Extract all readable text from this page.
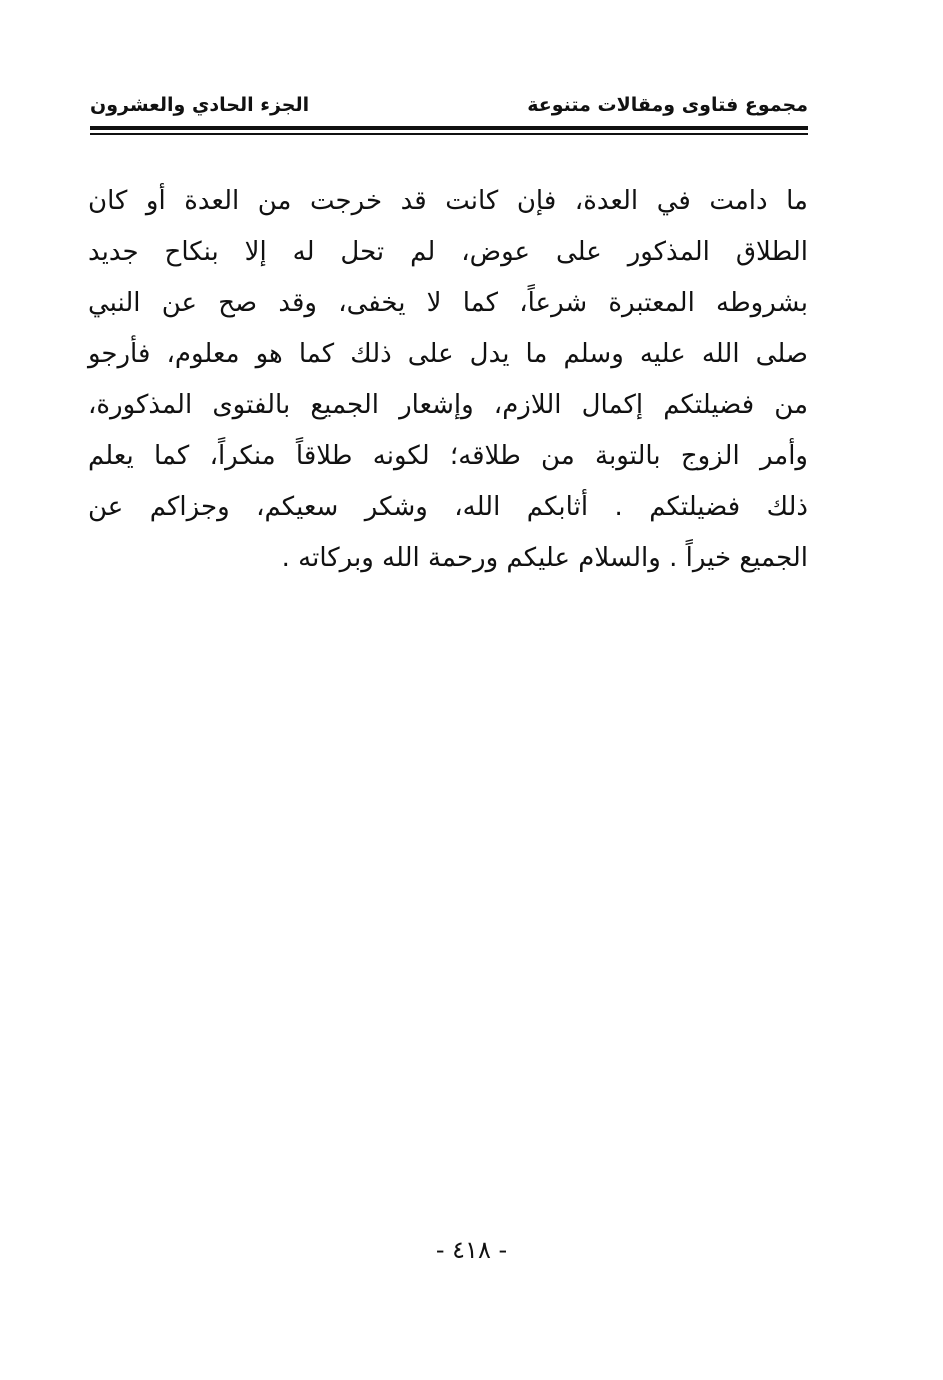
مجموع فتاوى ومقالات متنوعة
الجزء الحادي والعشرون
ما دامت في العدة، فإن كانت قد خرجت من العدة أو كان
الطلاق المذكور على عوض، لم تحل له إلا بنكاح جديد
بشروطه المعتبرة شرعاً، كما لا يخفى، وقد صح عن النبي
صلى الله عليه وسلم ما يدل على ذلك كما هو معلوم، فأرجو
من فضيلتكم إكمال اللازم، وإشعار الجميع بالفتوى المذكورة،
وأمر الزوج بالتوبة من طلاقه؛ لكونه طلاقاً منكراً، كما يعلم
ذلك فضيلتكم . أثابكم الله، وشكر سعيكم، وجزاكم عن
الجميع خيراً . والسلام عليكم ورحمة الله وبركاته .
- ٤١٨ -
